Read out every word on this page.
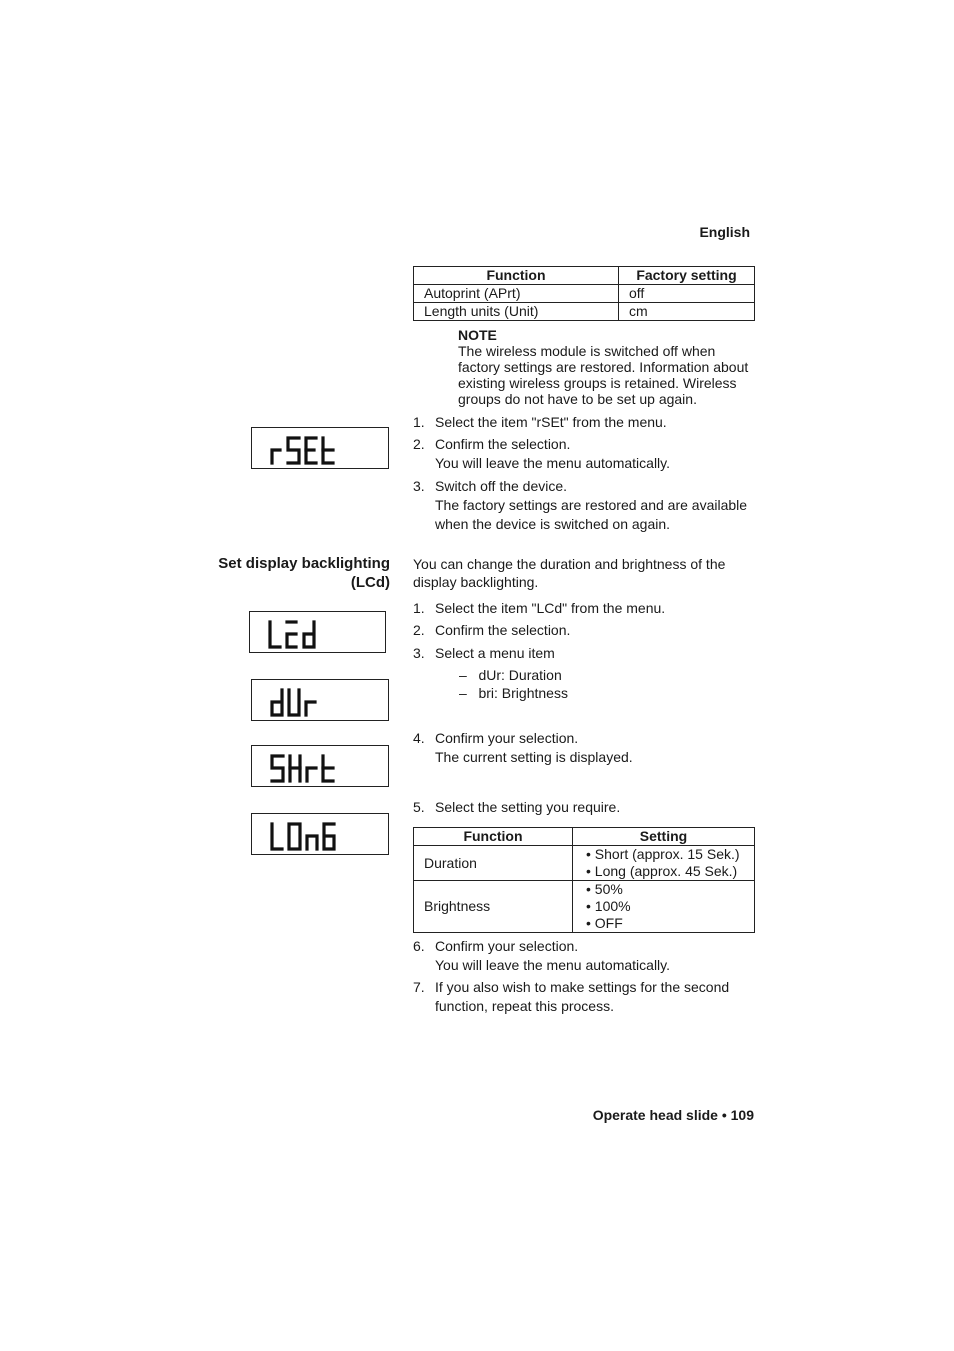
English
Function	Factory setting
Autoprint (APrt)	off
Length units (Unit)	cm
NOTE
The wireless module is switched off when
factory settings are restored. Information about
existing wireless groups is retained. Wireless
groups do not have to be set up again.
1. Select the item "rSEt" from the menu.
2. Confirm the selection.
You will leave the menu automatically.
3. Switch off the device.
The factory settings are restored and are available
when the device is switched on again.
Set display backlighting
(LCd)
You can change the duration and brightness of the
display backlighting.
1. Select the item "LCd" from the menu.
2. Confirm the selection.
3. Select a menu item
– dUr: Duration
– bri: Brightness
4. Confirm your selection.
The current setting is displayed.
5. Select the setting you require.
Function	Setting
Duration	• Short (approx. 15 Sek.)
• Long (approx. 45 Sek.)

Brightness	• 50%
• 100%
• OFF
6. Confirm your selection.
You will leave the menu automatically.
7. If you also wish to make settings for the second
function, repeat this process.
Operate head slide • 109
